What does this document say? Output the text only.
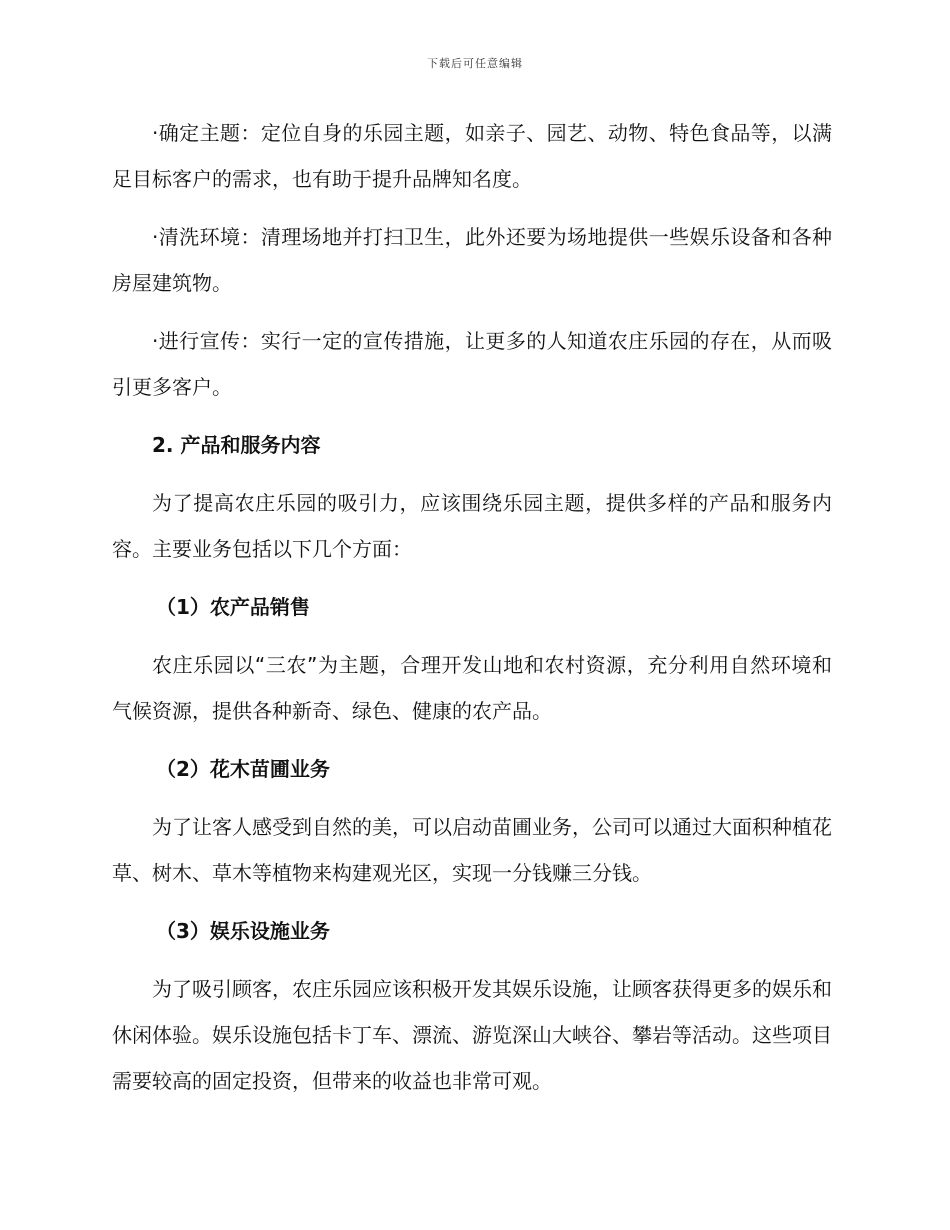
下载后可任意编辑

·确定主题：定位自身的乐园主题，如亲子、园艺、动物、特色食品等，以满足目标客户的需求，也有助于提升品牌知名度。

·清洗环境：清理场地并打扫卫生，此外还要为场地提供一些娱乐设备和各种房屋建筑物。

·进行宣传：实行一定的宣传措施，让更多的人知道农庄乐园的存在，从而吸引更多客户。

2. 产品和服务内容

为了提高农庄乐园的吸引力，应该围绕乐园主题，提供多样的产品和服务内容。主要业务包括以下几个方面：

（1）农产品销售

农庄乐园以“三农”为主题，合理开发山地和农村资源，充分利用自然环境和气候资源，提供各种新奇、绿色、健康的农产品。

（2）花木苗圃业务

为了让客人感受到自然的美，可以启动苗圃业务，公司可以通过大面积种植花草、树木、草木等植物来构建观光区，实现一分钱赚三分钱。

（3）娱乐设施业务

为了吸引顾客，农庄乐园应该积极开发其娱乐设施，让顾客获得更多的娱乐和休闲体验。娱乐设施包括卡丁车、漂流、游览深山大峡谷、攀岩等活动。这些项目需要较高的固定投资，但带来的收益也非常可观。
